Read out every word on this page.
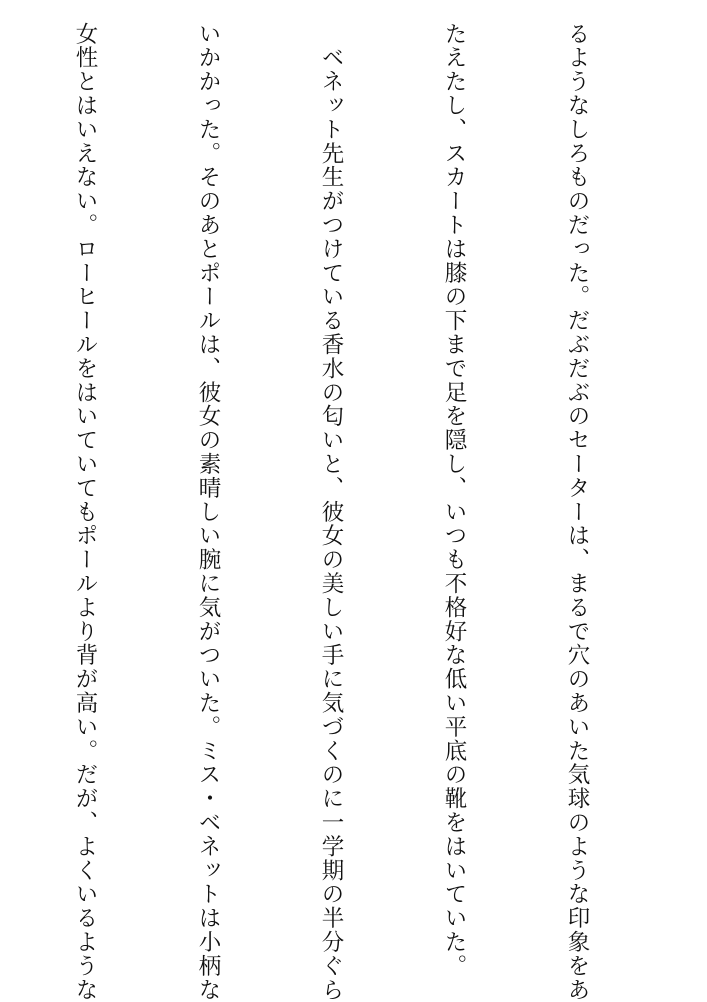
るようなしろものだった。だぶだぶのセーターは、まるで穴のあいた気球のような印象をあ

たえたし、スカートは膝の下まで足を隠し、いつも不格好な低い平底の靴をはいていた。

　ベネット先生がつけている香水の匂いと、彼女の美しい手に気づくのに一学期の半分ぐら

いかかった。そのあとポールは、彼女の素晴しい腕に気がついた。ミス・ベネットは小柄な

女性とはいえない。ローヒールをはいていてもポールより背が高い。だが、よくいるような
